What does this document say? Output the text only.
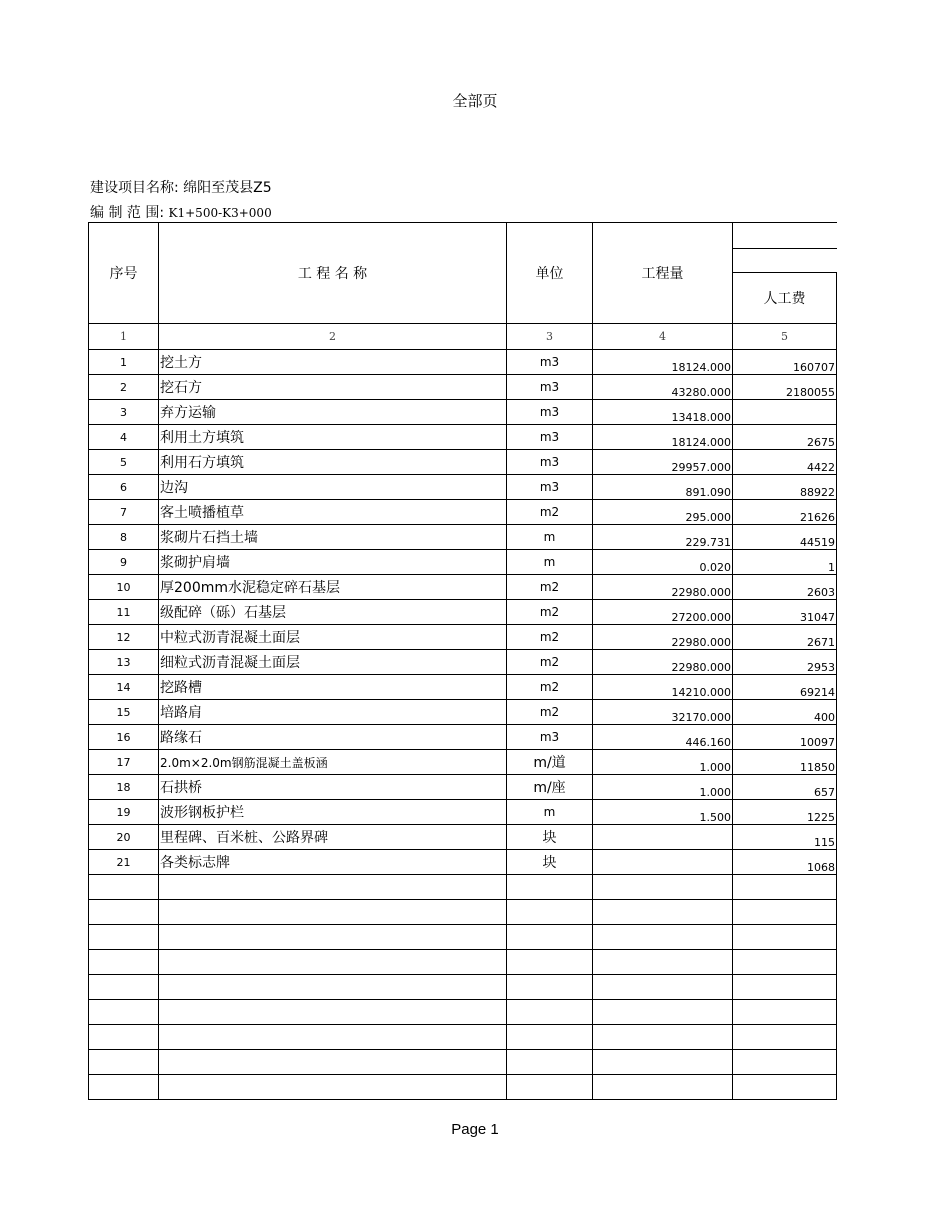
全部页
建设项目名称: 绵阳至茂县Z5
编 制 范 围: K1+500-K3+000
序号	工 程 名 称	单位	工程量	

				人工费
1	2	3	4	5
1	挖土方	m3	18124.000	160707
2	挖石方	m3	43280.000	2180055
3	弃方运输	m3	13418.000	
4	利用土方填筑	m3	18124.000	2675
5	利用石方填筑	m3	29957.000	4422
6	边沟	m3	891.090	88922
7	客土喷播植草	m2	295.000	21626
8	浆砌片石挡土墙	m	229.731	44519
9	浆砌护肩墙	m	0.020	1
10	厚200mm水泥稳定碎石基层	m2	22980.000	2603
11	级配碎（砾）石基层	m2	27200.000	31047
12	中粒式沥青混凝土面层	m2	22980.000	2671
13	细粒式沥青混凝土面层	m2	22980.000	2953
14	挖路槽	m2	14210.000	69214
15	培路肩	m2	32170.000	400
16	路缘石	m3	446.160	10097
17	2.0m×2.0m钢筋混凝土盖板涵	m/道	1.000	11850
18	石拱桥	m/座	1.000	657
19	波形钢板护栏	m	1.500	1225
20	里程碑、百米桩、公路界碑	块		115
21	各类标志牌	块		1068

Page 1
